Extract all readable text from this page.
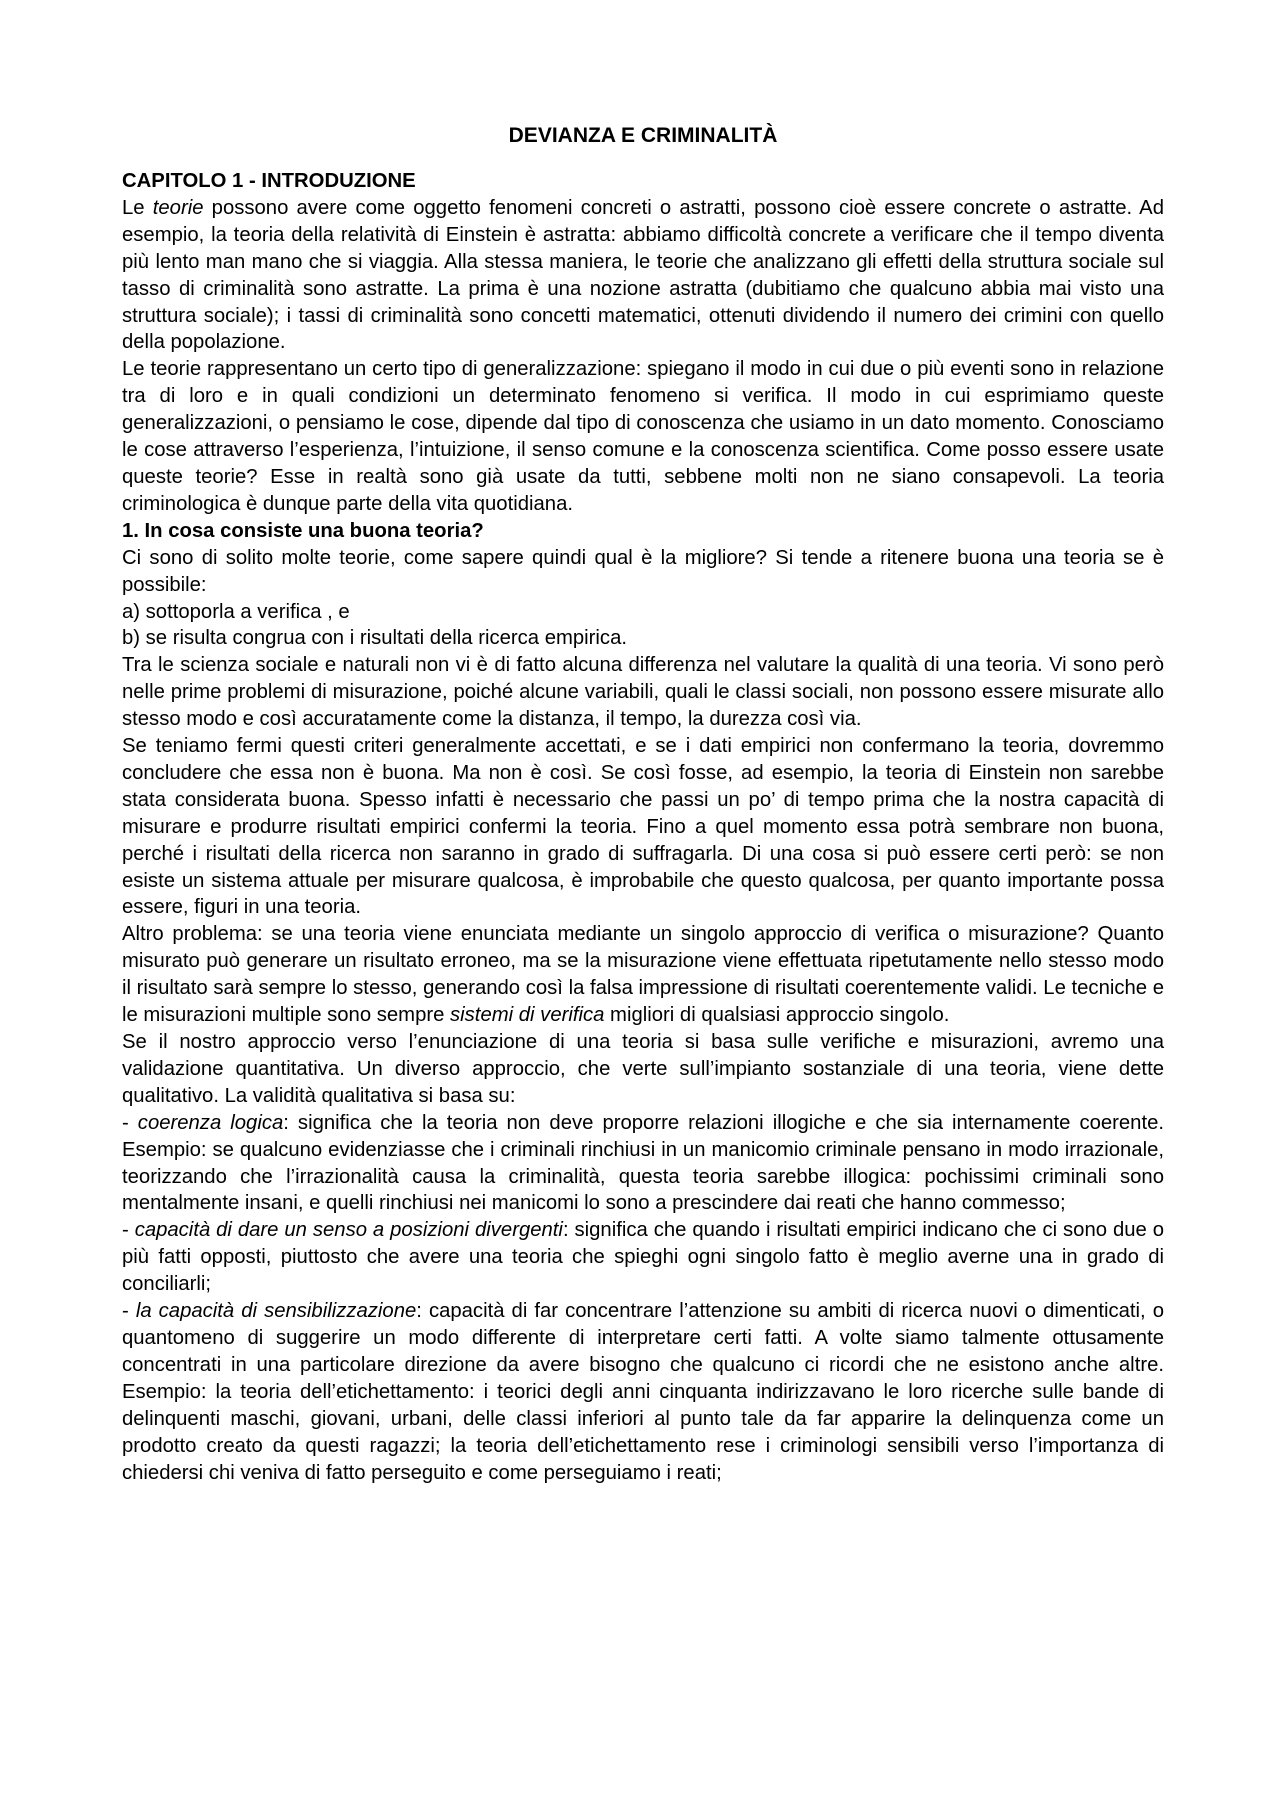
DEVIANZA E CRIMINALITÀ
CAPITOLO 1 - INTRODUZIONE

Le teorie possono avere come oggetto fenomeni concreti o astratti, possono cioè essere concrete o astratte. Ad esempio, la teoria della relatività di Einstein è astratta: abbiamo difficoltà concrete a verificare che il tempo diventa più lento man mano che si viaggia. Alla stessa maniera, le teorie che analizzano gli effetti della struttura sociale sul tasso di criminalità sono astratte. La prima è una nozione astratta (dubitiamo che qualcuno abbia mai visto una struttura sociale); i tassi di criminalità sono concetti matematici, ottenuti dividendo il numero dei crimini con quello della popolazione.

Le teorie rappresentano un certo tipo di generalizzazione: spiegano il modo in cui due o più eventi sono in relazione tra di loro e in quali condizioni un determinato fenomeno si verifica. Il modo in cui esprimiamo queste generalizzazioni, o pensiamo le cose, dipende dal tipo di conoscenza che usiamo in un dato momento. Conosciamo le cose attraverso l’esperienza, l’intuizione, il senso comune e la conoscenza scientifica. Come posso essere usate queste teorie? Esse in realtà sono già usate da tutti, sebbene molti non ne siano consapevoli. La teoria criminologica è dunque parte della vita quotidiana.

1. In cosa consiste una buona teoria?

Ci sono di solito molte teorie, come sapere quindi qual è la migliore? Si tende a ritenere buona una teoria se è possibile:

a) sottoporla a verifica , e
b) se risulta congrua con i risultati della ricerca empirica.

Tra le scienza sociale e naturali non vi è di fatto alcuna differenza nel valutare la qualità di una teoria. Vi sono però nelle prime problemi di misurazione, poiché alcune variabili, quali le classi sociali, non possono essere misurate allo stesso modo e così accuratamente come la distanza, il tempo, la durezza così via.

Se teniamo fermi questi criteri generalmente accettati, e se i dati empirici non confermano la teoria, dovremmo concludere che essa non è buona. Ma non è così. Se così fosse, ad esempio, la teoria di Einstein non sarebbe stata considerata buona. Spesso infatti è necessario che passi un po’ di tempo prima che la nostra capacità di misurare e produrre risultati empirici confermi la teoria. Fino a quel momento essa potrà sembrare non buona, perché i risultati della ricerca non saranno in grado di suffragarla. Di una cosa si può essere certi però: se non esiste un sistema attuale per misurare qualcosa, è improbabile che questo qualcosa, per quanto importante possa essere, figuri in una teoria.

Altro problema: se una teoria viene enunciata mediante un singolo approccio di verifica o misurazione? Quanto misurato può generare un risultato erroneo, ma se la misurazione viene effettuata ripetutamente nello stesso modo il risultato sarà sempre lo stesso, generando così la falsa impressione di risultati coerentemente validi. Le tecniche e le misurazioni multiple sono sempre sistemi di verifica migliori di qualsiasi approccio singolo.

Se il nostro approccio verso l’enunciazione di una teoria si basa sulle verifiche e misurazioni, avremo una validazione quantitativa. Un diverso approccio, che verte sull’impianto sostanziale di una teoria, viene dette qualitativo. La validità qualitativa si basa su:

- coerenza logica: significa che la teoria non deve proporre relazioni illogiche e che sia internamente coerente. Esempio: se qualcuno evidenziasse che i criminali rinchiusi in un manicomio criminale pensano in modo irrazionale, teorizzando che l’irrazionalità causa la criminalità, questa teoria sarebbe illogica: pochissimi criminali sono mentalmente insani, e quelli rinchiusi nei manicomi lo sono a prescindere dai reati che hanno commesso;

- capacità di dare un senso a posizioni divergenti: significa che quando i risultati empirici indicano che ci sono due o più fatti opposti, piuttosto che avere una teoria che spieghi ogni singolo fatto è meglio averne una in grado di conciliarli;

- la capacità di sensibilizzazione: capacità di far concentrare l’attenzione su ambiti di ricerca nuovi o dimenticati, o quantomeno di suggerire un modo differente di interpretare certi fatti. A volte siamo talmente ottusamente concentrati in una particolare direzione da avere bisogno che qualcuno ci ricordi che ne esistono anche altre. Esempio: la teoria dell’etichettamento: i teorici degli anni cinquanta indirizzavano le loro ricerche sulle bande di delinquenti maschi, giovani, urbani, delle classi inferiori al punto tale da far apparire la delinquenza come un prodotto creato da questi ragazzi; la teoria dell’etichettamento rese i criminologi sensibili verso l’importanza di chiedersi chi veniva di fatto perseguito e come perseguiamo i reati;
